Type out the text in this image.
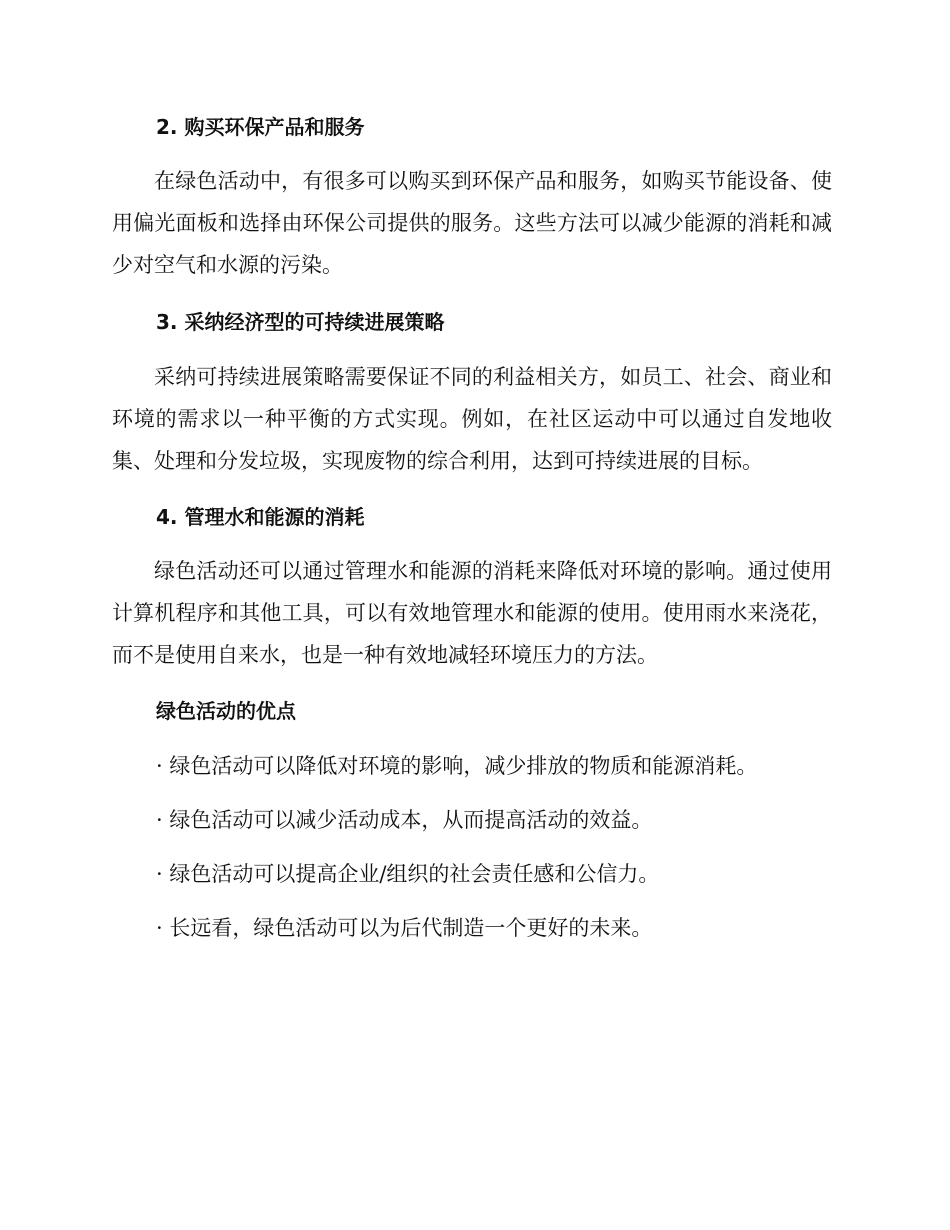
2. 购买环保产品和服务
在绿色活动中，有很多可以购买到环保产品和服务，如购买节能设备、使用偏光面板和选择由环保公司提供的服务。这些方法可以减少能源的消耗和减少对空气和水源的污染。
3. 采纳经济型的可持续进展策略
采纳可持续进展策略需要保证不同的利益相关方，如员工、社会、商业和环境的需求以一种平衡的方式实现。例如，在社区运动中可以通过自发地收集、处理和分发垃圾，实现废物的综合利用，达到可持续进展的目标。
4. 管理水和能源的消耗
绿色活动还可以通过管理水和能源的消耗来降低对环境的影响。通过使用计算机程序和其他工具，可以有效地管理水和能源的使用。使用雨水来浇花，而不是使用自来水，也是一种有效地减轻环境压力的方法。
绿色活动的优点
· 绿色活动可以降低对环境的影响，减少排放的物质和能源消耗。
· 绿色活动可以减少活动成本，从而提高活动的效益。
· 绿色活动可以提高企业/组织的社会责任感和公信力。
· 长远看，绿色活动可以为后代制造一个更好的未来。
